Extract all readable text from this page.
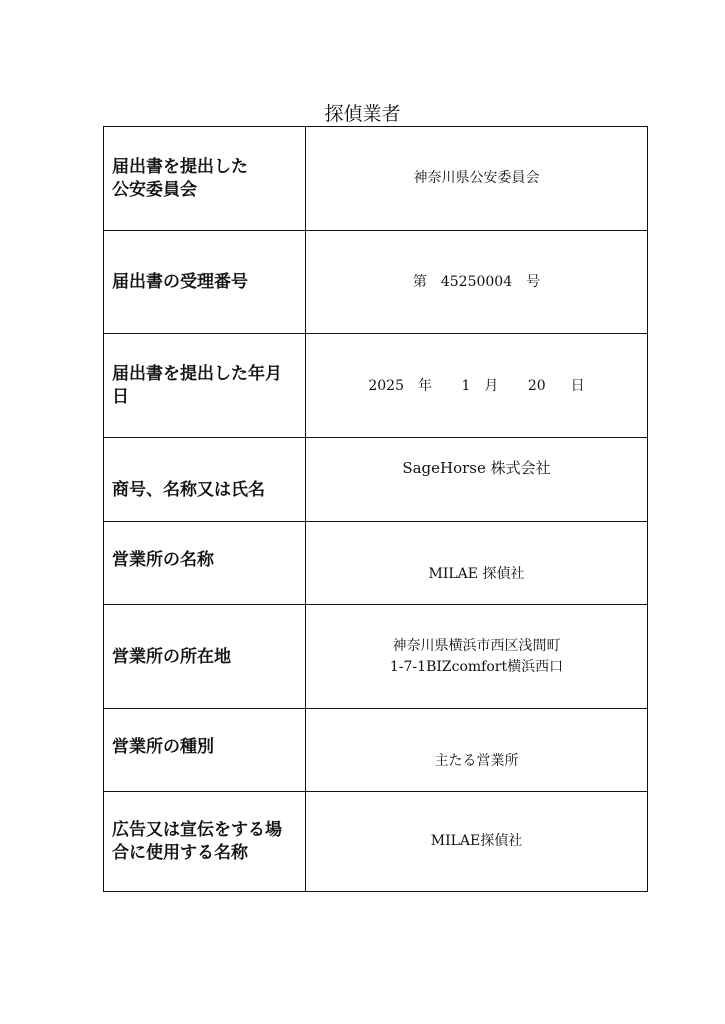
探偵業者
届出書を提出した
公安委員会
神奈川県公安委員会
届出書の受理番号	第　45250004　号
届出書を提出した年月
日
2025 年 1 月 20 日
商号、名称又は氏名
SageHorse 株式会社
営業所の名称
MILAE 探偵社
営業所の所在地
神奈川県横浜市西区浅間町
1-7-1BIZcomfort横浜西口
営業所の種別
主たる営業所
広告又は宣伝をする場
合に使用する名称
MILAE探偵社
